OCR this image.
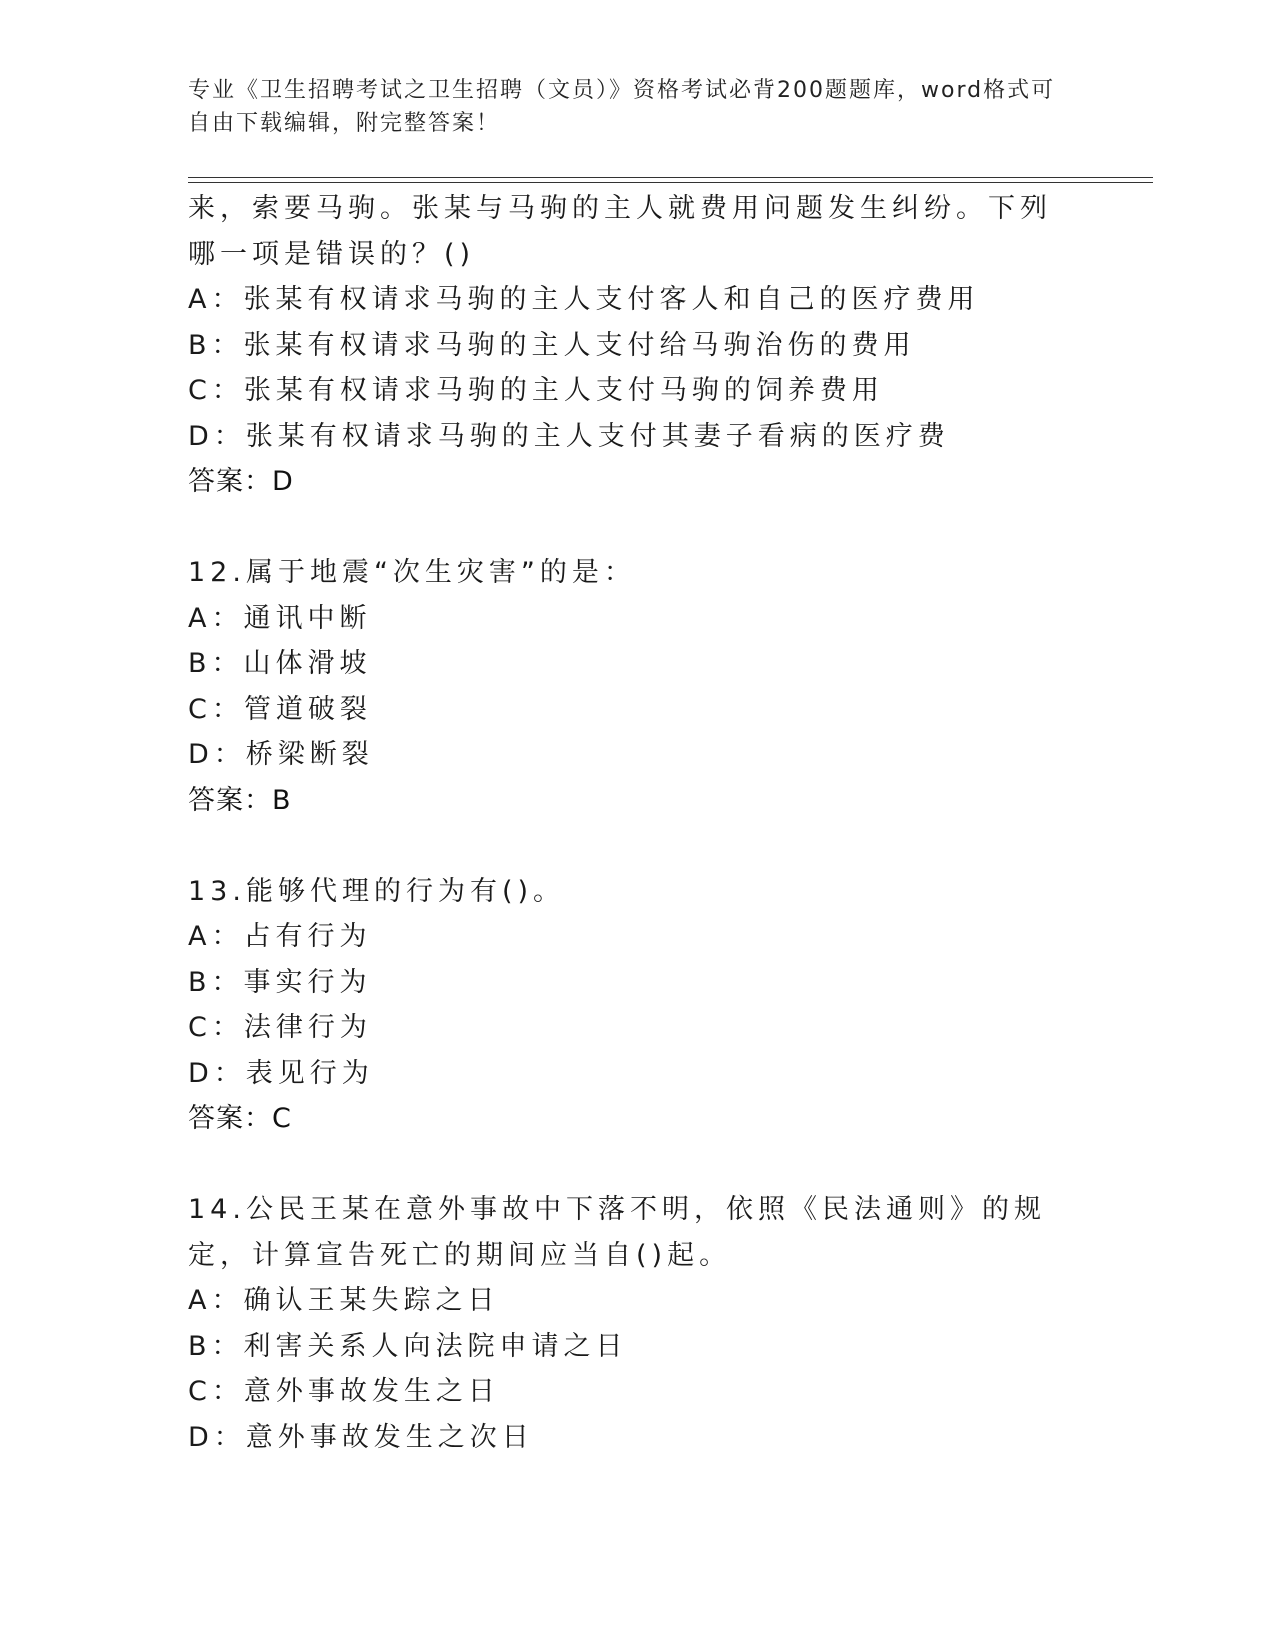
专业《卫生招聘考试之卫生招聘（文员）》资格考试必背200题题库，word格式可自由下载编辑，附完整答案！
来，索要马驹。张某与马驹的主人就费用问题发生纠纷。下列哪一项是错误的？()
A：张某有权请求马驹的主人支付客人和自己的医疗费用
B：张某有权请求马驹的主人支付给马驹治伤的费用
C：张某有权请求马驹的主人支付马驹的饲养费用
D：张某有权请求马驹的主人支付其妻子看病的医疗费
答案：D
12.属于地震“次生灾害”的是：
A：通讯中断
B：山体滑坡
C：管道破裂
D：桥梁断裂
答案：B
13.能够代理的行为有()。
A：占有行为
B：事实行为
C：法律行为
D：表见行为
答案：C
14.公民王某在意外事故中下落不明，依照《民法通则》的规定，计算宣告死亡的期间应当自()起。
A：确认王某失踪之日
B：利害关系人向法院申请之日
C：意外事故发生之日
D：意外事故发生之次日
